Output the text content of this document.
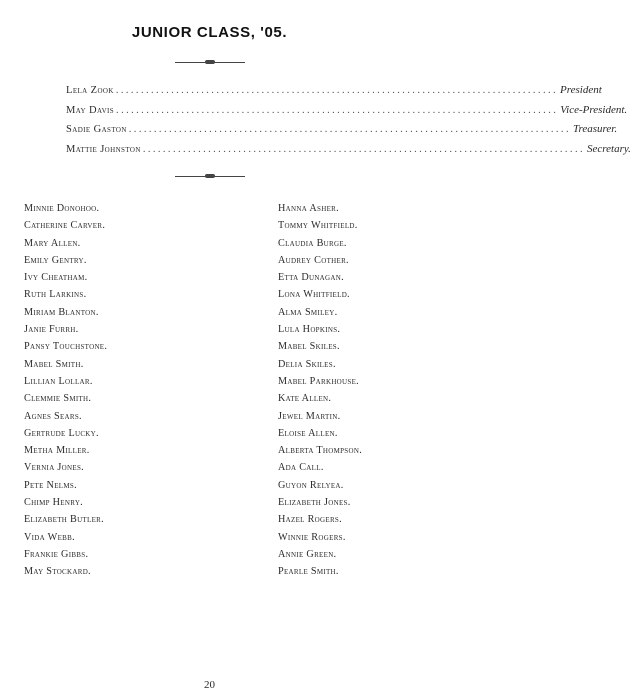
JUNIOR CLASS, '05.
Lela Zook ........................................................................................ President
May Davis ........................................................................................ Vice-President.
Sadie Gaston ........................................................................................ Treasurer.
Mattie Johnston ........................................................................................ Secretary.
Minnie Donohoo.
Catherine Carver.
Mary Allen.
Emily Gentry.
Ivy Cheatham.
Ruth Larkins.
Miriam Blanton.
Janie Furrh.
Pansy Touchstone.
Mabel Smith.
Lillian Lollar.
Clemmie Smith.
Agnes Sears.
Gertrude Lucky.
Metha Miller.
Vernia Jones.
Pete Nelms.
Chimp Henry.
Elizabeth Butler.
Vida Webb.
Frankie Gibbs.
May Stockard.
Hanna Asher.
Tommy Whitfield.
Claudia Burge.
Audrey Cother.
Etta Dunagan.
Lona Whitfield.
Alma Smiley.
Lula Hopkins.
Mabel Skiles.
Delia Skiles.
Mabel Parkhouse.
Kate Allen.
Jewel Martin.
Eloise Allen.
Alberta Thompson.
Ada Call.
Guyon Relyea.
Elizabeth Jones.
Hazel Rogers.
Winnie Rogers.
Annie Green.
Pearle Smith.
20
